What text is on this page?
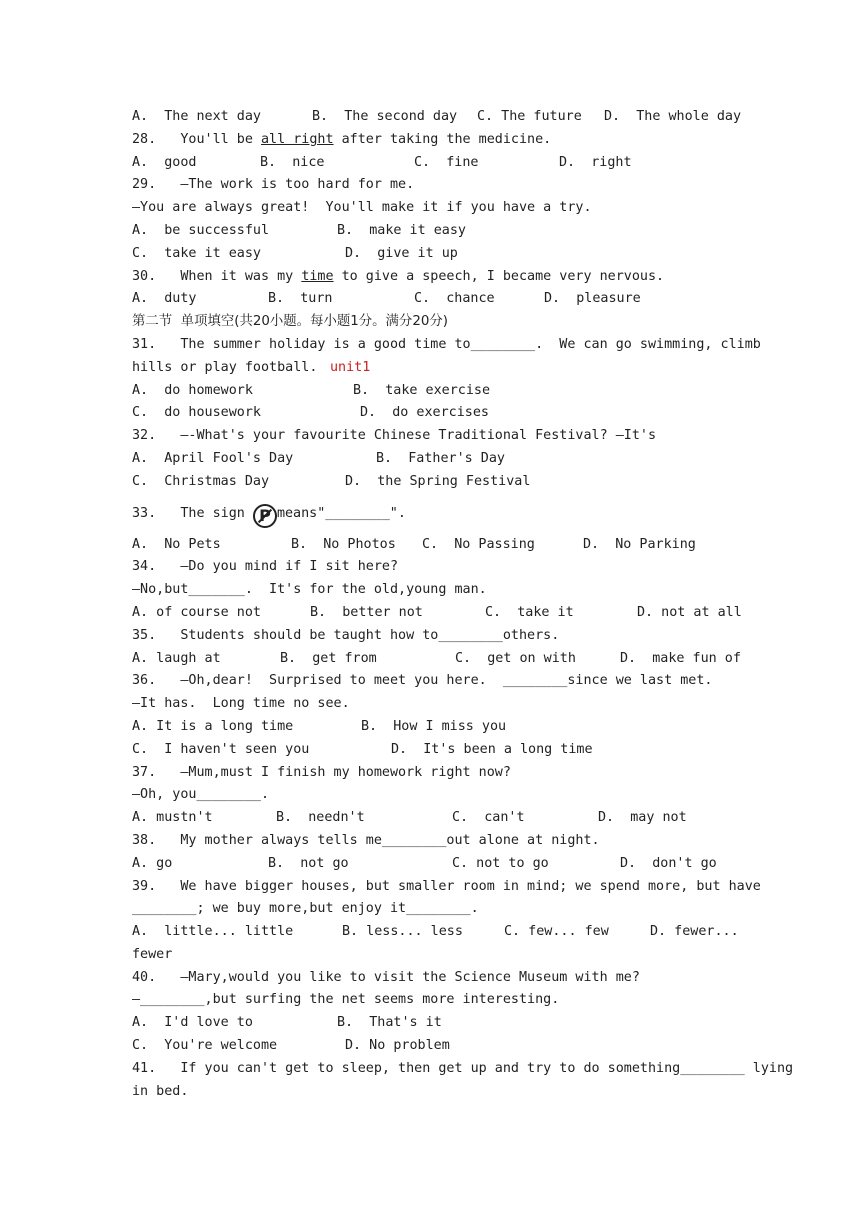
A.  The next day

	B.  The second day

C. The future

D.  The whole day

28.   You'll be all right after taking the medicine.

A.  good

	B.  nice

	C.  fine

	D.  right

29.   —The work is too hard for me.
—You are always great!  You'll make it if you have a try.

A.  be successful

	B.  make it easy

C.  take it easy

	D.  give it up

30.   When it was my time to give a speech, I became very nervous.

A.  duty

	B.  turn

	C.  chance

	D.  pleasure

第二节  单项填空(共20小题。每小题1分。满分20分)
31.   The summer holiday is a good time to________.  We can go swimming, climb

hills or play football.

unit1

A.  do homework

	B.  take exercise

C.  do housework

	D.  do exercises

32.   —-What's your favourite Chinese Traditional Festival? —It's

A.  April Fool's Day

	B.  Father's Day

C.  Christmas Day

	D.  the Spring Festival

33.   The sign P means"________".

A.  No Pets

	B.  No Photos

C.  No Passing

	D.  No Parking

34.   —Do you mind if I sit here?
—No,but_______.  It's for the old,young man.

A. of course not

	B.  better not

	C.  take it

	D. not at all

35.   Students should be taught how to________others.

A. laugh at

	B.  get from

	C.  get on with

	D.  make fun of

36.   —Oh,dear!  Surprised to meet you here.  ________since we last met.
—It has.  Long time no see.

A. It is a long time

	B.  How I miss you

C.  I haven't seen you

	D.  It's been a long time

37.   —Mum,must I finish my homework right now?
—Oh, you________.

A. mustn't

	B.  needn't

	C.  can't

	D.  may not

38.   My mother always tells me________out alone at night.

A. go

	B.  not go

	C. not to go

	D.  don't go

39.   We have bigger houses, but smaller room in mind; we spend more, but have
________; we buy more,but enjoy it________.

A.  little... little

	B. less... less

	C. few... few

	D. fewer...

fewer
40.   —Mary,would you like to visit the Science Museum with me?
—________,but surfing the net seems more interesting.

A.  I'd love to

	B.  That's it

C.  You're welcome

	D. No problem

41.   If you can't get to sleep, then get up and try to do something________ lying
in bed.
